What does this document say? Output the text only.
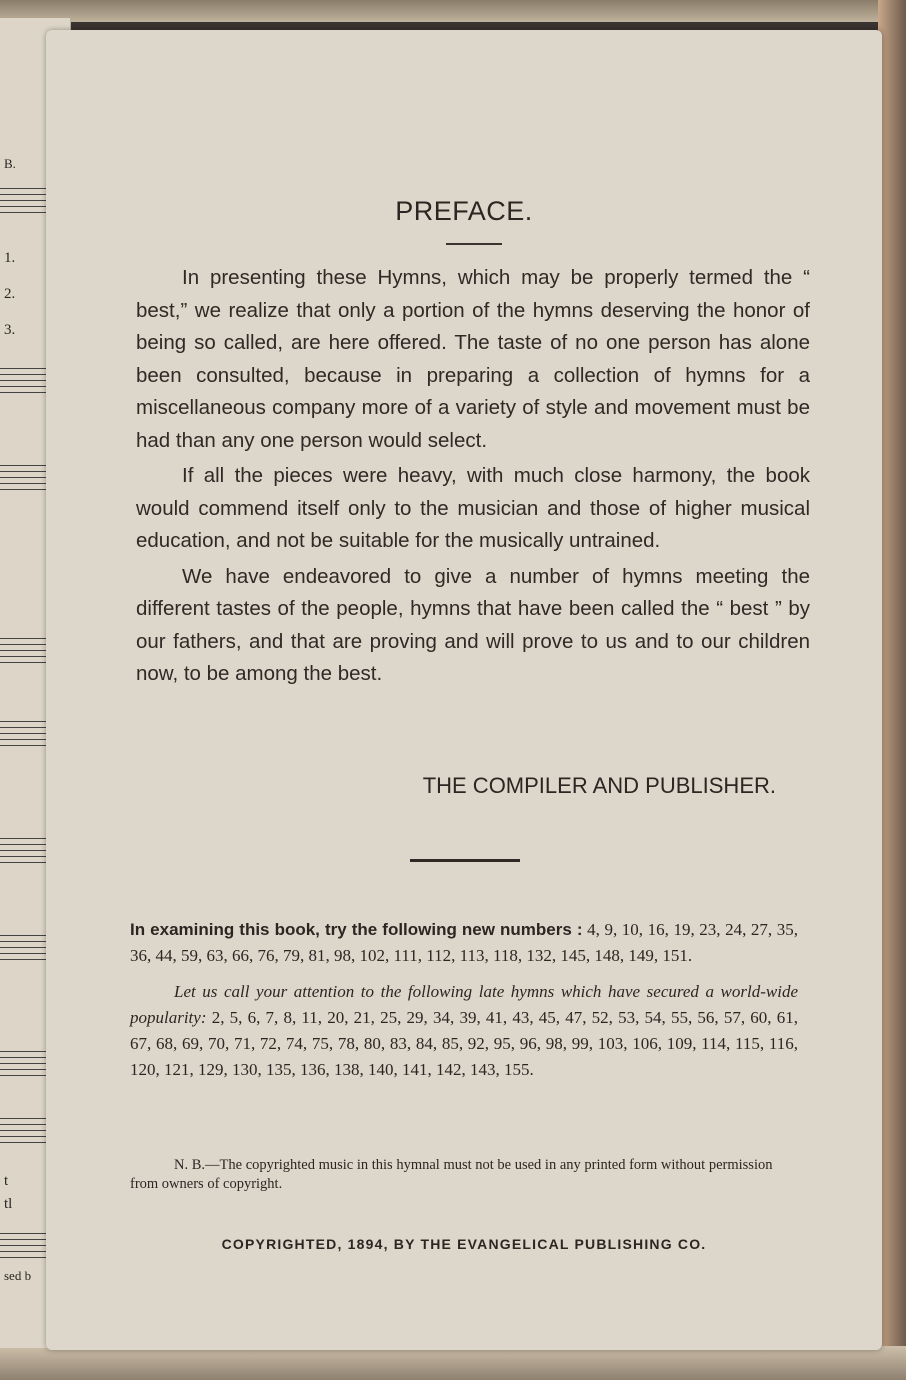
B.
1.
2.
3.
t
tl
sed b
PREFACE.

In presenting these Hymns, which may be properly termed the “ best,” we realize that only a portion of the hymns deserving the honor of being so called, are here offered. The taste of no one person has alone been consulted, because in preparing a collection of hymns for a miscellaneous company more of a variety of style and movement must be had than any one person would select.

If all the pieces were heavy, with much close harmony, the book would commend itself only to the musician and those of higher musical education, and not be suitable for the musically untrained.

We have endeavored to give a number of hymns meeting the different tastes of the people, hymns that have been called the “ best ” by our fathers, and that are proving and will prove to us and to our children now, to be among the best.

THE COMPILER AND PUBLISHER.

In examining this book, try the following new numbers : 4, 9, 10, 16, 19, 23, 24, 27, 35, 36, 44, 59, 63, 66, 76, 79, 81, 98, 102, 111, 112, 113, 118, 132, 145, 148, 149, 151.

Let us call your attention to the following late hymns which have secured a world-wide popularity: 2, 5, 6, 7, 8, 11, 20, 21, 25, 29, 34, 39, 41, 43, 45, 47, 52, 53, 54, 55, 56, 57, 60, 61, 67, 68, 69, 70, 71, 72, 74, 75, 78, 80, 83, 84, 85, 92, 95, 96, 98, 99, 103, 106, 109, 114, 115, 116, 120, 121, 129, 130, 135, 136, 138, 140, 141, 142, 143, 155.

N. B.—The copyrighted music in this hymnal must not be used in any printed form without permission from owners of copyright.
COPYRIGHTED, 1894, BY THE EVANGELICAL PUBLISHING CO.
